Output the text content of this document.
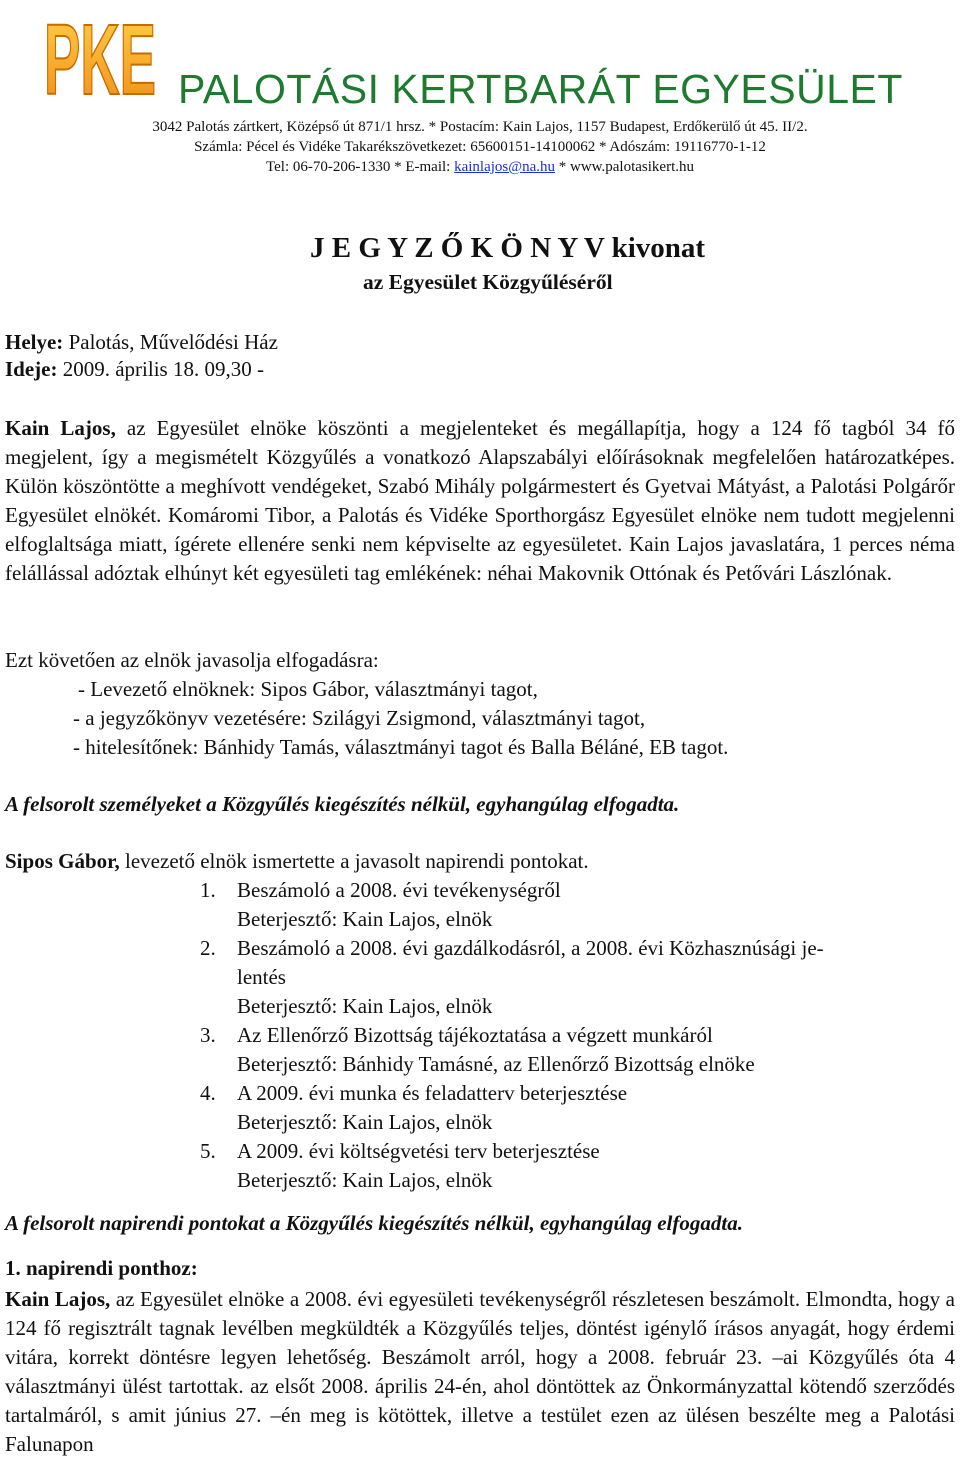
PKE PALOTÁSI KERTBARÁT EGYESÜLET
3042 Palotás zártkert, Középső út 871/1 hrsz. * Postacím: Kain Lajos, 1157 Budapest, Erdőkerülő út 45. II/2.
Számla: Pécel és Vidéke Takarékszövetkezet: 65600151-14100062 * Adószám: 19116770-1-12
Tel: 06-70-206-1330 * E-mail: kainlajos@na.hu * www.palotasikert.hu
J E G Y Z Ő K Ö N Y V kivonat
az Egyesület Közgyűléséről
Helye: Palotás, Művelődési Ház
Ideje: 2009. április 18. 09,30 -
Kain Lajos, az Egyesület elnöke köszönti a megjelenteket és megállapítja, hogy a 124 fő tagból 34 fő megjelent, így a megismételt Közgyűlés a vonatkozó Alapszabályi előírásoknak megfelelően határozatképes. Külön köszöntötte a meghívott vendégeket, Szabó Mihály polgármestert és Gyetvai Mátyást, a Palotási Polgárőr Egyesület elnökét. Komáromi Tibor, a Palotás és Vidéke Sporthorgász Egyesület elnöke nem tudott megjelenni elfoglaltsága miatt, ígérete ellenére senki nem képviselte az egyesületet. Kain Lajos javaslatára, 1 perces néma felállással adóztak elhúnyt két egyesületi tag emlékének: néhai Makovnik Ottónak és Petővári Lászlónak.
Ezt követően az elnök javasolja elfogadásra:
- Levezető elnöknek: Sipos Gábor, választmányi tagot,
- a jegyzőkönyv vezetésére: Szilágyi Zsigmond, választmányi tagot,
- hitelesítőnek: Bánhidy Tamás, választmányi tagot és Balla Béláné, EB tagot.
A felsorolt személyeket a Közgyűlés kiegészítés nélkül, egyhangúlag elfogadta.
Sipos Gábor, levezető elnök ismertette a javasolt napirendi pontokat.
1. Beszámoló a 2008. évi tevékenységről
Beterjesztő: Kain Lajos, elnök
2. Beszámoló a 2008. évi gazdálkodásról, a 2008. évi Közhasznúsági je-
lentés
Beterjesztő: Kain Lajos, elnök
3. Az Ellenőrző Bizottság tájékoztatása a végzett munkáról
Beterjesztő: Bánhidy Tamásné, az Ellenőrző Bizottság elnöke
4. A 2009. évi munka és feladatterv beterjesztése
Beterjesztő: Kain Lajos, elnök
5. A 2009. évi költségvetési terv beterjesztése
Beterjesztő: Kain Lajos, elnök
A felsorolt napirendi pontokat a Közgyűlés kiegészítés nélkül, egyhangúlag elfogadta.
1. napirendi ponthoz:
Kain Lajos, az Egyesület elnöke a 2008. évi egyesületi tevékenységről részletesen beszámolt. Elmondta, hogy a 124 fő regisztrált tagnak levélben megküldték a Közgyűlés teljes, döntést igénylő írásos anyagát, hogy érdemi vitára, korrekt döntésre legyen lehetőség. Beszámolt arról, hogy a 2008. február 23. –ai Közgyűlés óta 4 választmányi ülést tartottak. az elsőt 2008. április 24-én, ahol döntöttek az Önkormányzattal kötendő szerződés tartalmáról, s amit június 27. –én meg is kötöttek, illetve a testület ezen az ülésen beszélte meg a Palotási Falunapon
